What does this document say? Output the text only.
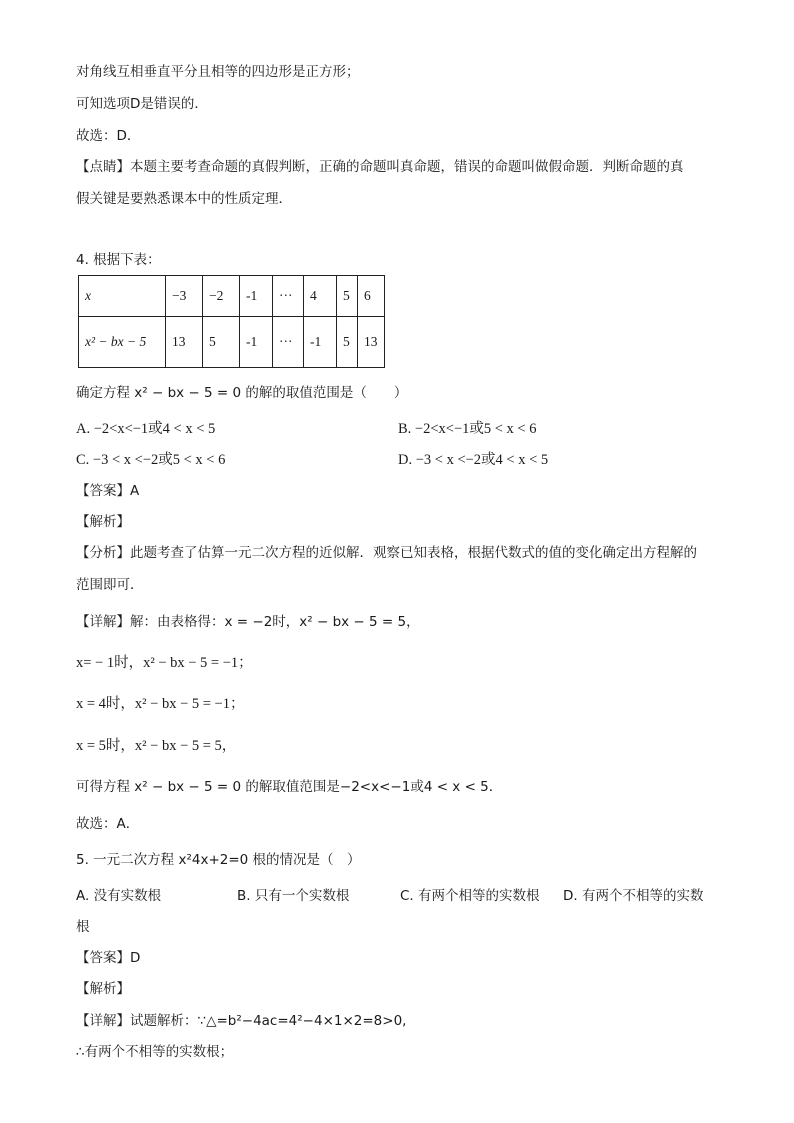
对角线互相垂直平分且相等的四边形是正方形；
可知选项D是错误的．
故选：D．
【点睛】本题主要考查命题的真假判断，正确的命题叫真命题，错误的命题叫做假命题．判断命题的真
假关键是要熟悉课本中的性质定理．
4. 根据下表：
x	−3	−2	-1	···	4	5	6
x² − bx − 5	13	5	-1	···	-1	5	13
确定方程 x² − bx − 5 = 0 的解的取值范围是（　　）
A. −2<x<−1或4 < x < 5	B. −2<x<−1或5 < x < 6
C. −3 < x <−2或5 < x < 6	D. −3 < x <−2或4 < x < 5
【答案】A
【解析】
【分析】此题考查了估算一元二次方程的近似解．观察已知表格，根据代数式的值的变化确定出方程解的
范围即可．
【详解】解：由表格得：x = −2时，x² − bx − 5 = 5，
x= − 1时，x² − bx − 5 = −1；
x = 4时，x² − bx − 5 = −1；
x = 5时，x² − bx − 5 = 5，
可得方程 x² − bx − 5 = 0 的解取值范围是−2<x<−1或4 < x < 5．
故选：A．
5. 一元二次方程 x²4x+2=0 根的情况是（　）
A. 没有实数根	B. 只有一个实数根	C. 有两个相等的实数根 D. 有两个不相等的实数
根
【答案】D
【解析】
【详解】试题解析：∵△=b²−4ac=4²−4×1×2=8>0,
∴有两个不相等的实数根；
